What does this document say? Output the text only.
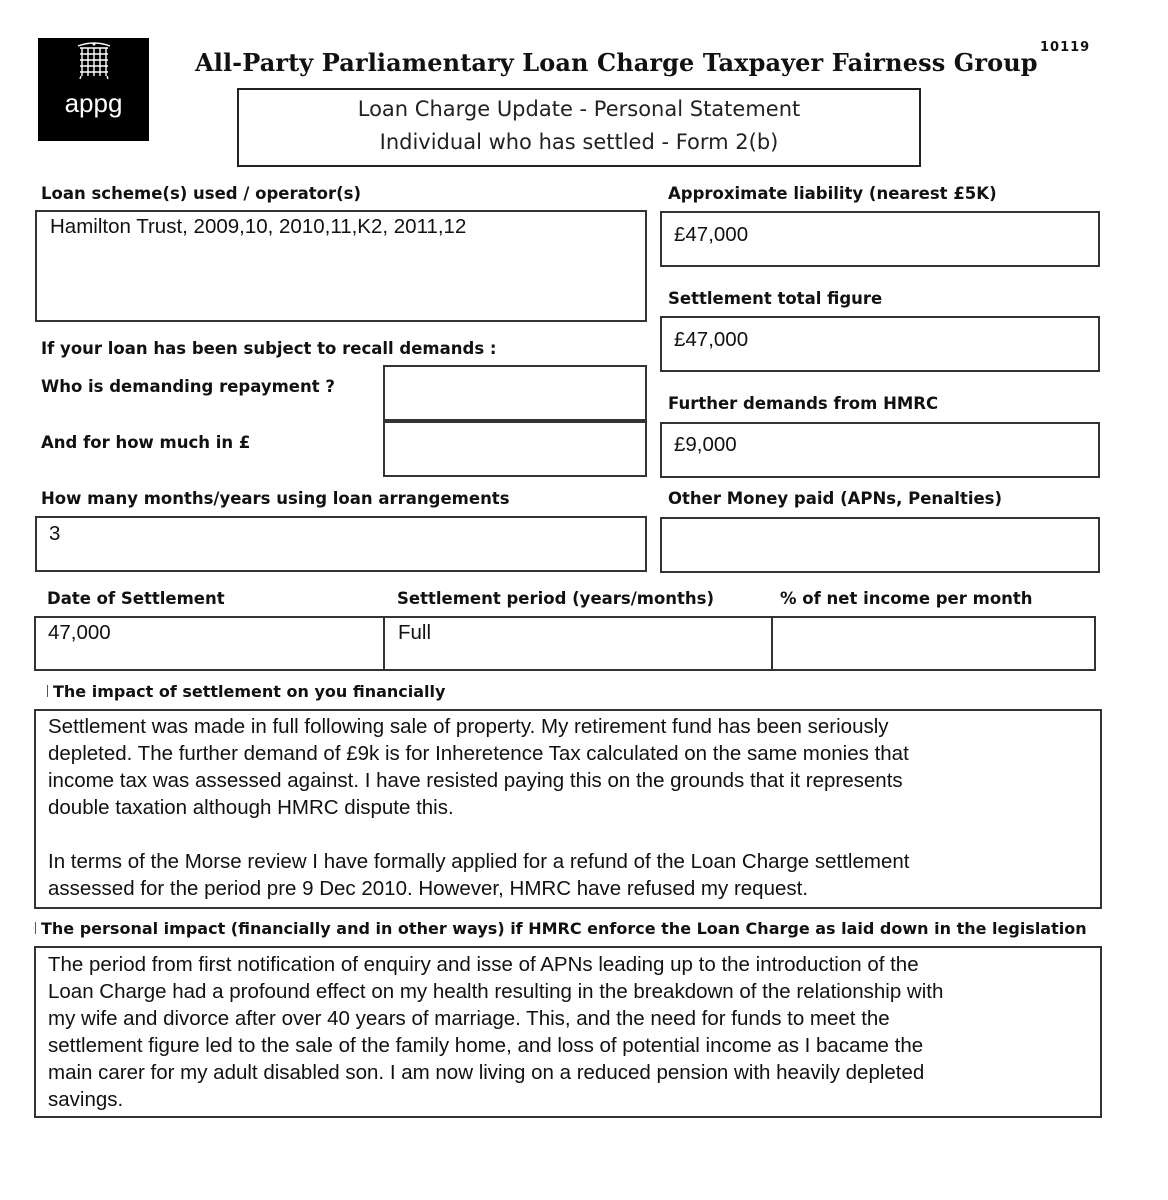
appg
All-Party Parliamentary Loan Charge Taxpayer Fairness Group
10119
Loan Charge Update - Personal Statement
Individual who has settled - Form 2(b)
Loan scheme(s) used / operator(s)
Hamilton Trust, 2009,10, 2010,11,K2, 2011,12
Approximate liability (nearest £5K)
£47,000
Settlement total figure
£47,000
If your loan has been subject to recall demands :
Who is demanding repayment ?
And for how much in £
Further demands from HMRC
£9,000
How many months/years using loan arrangements
3
Other Money paid (APNs, Penalties)
Date of Settlement	Settlement period (years/months)	% of net income per month
47,000	Full
The impact of settlement on you financially
Settlement was made in full following sale of property. My retirement fund has been seriously
depleted. The further demand of £9k is for Inheretence Tax calculated on the same monies that
income tax was assessed against. I have resisted paying this on the grounds that it represents
double taxation although HMRC dispute this.

In terms of the Morse review I have formally applied for a refund of the Loan Charge settlement
assessed for the period pre 9 Dec 2010. However, HMRC have refused my request.
The personal impact (financially and in other ways) if HMRC enforce the Loan Charge as laid down in the legislation
The period from first notification of enquiry and isse of APNs leading up to the introduction of the
Loan Charge had a profound effect on my health resulting in the breakdown of the relationship with
my wife and divorce after over 40 years of marriage. This, and the need for funds to meet the
settlement figure led to the sale of the family home, and loss of potential income as I bacame the
main carer for my adult disabled son. I am now living on a reduced pension with heavily depleted
savings.
